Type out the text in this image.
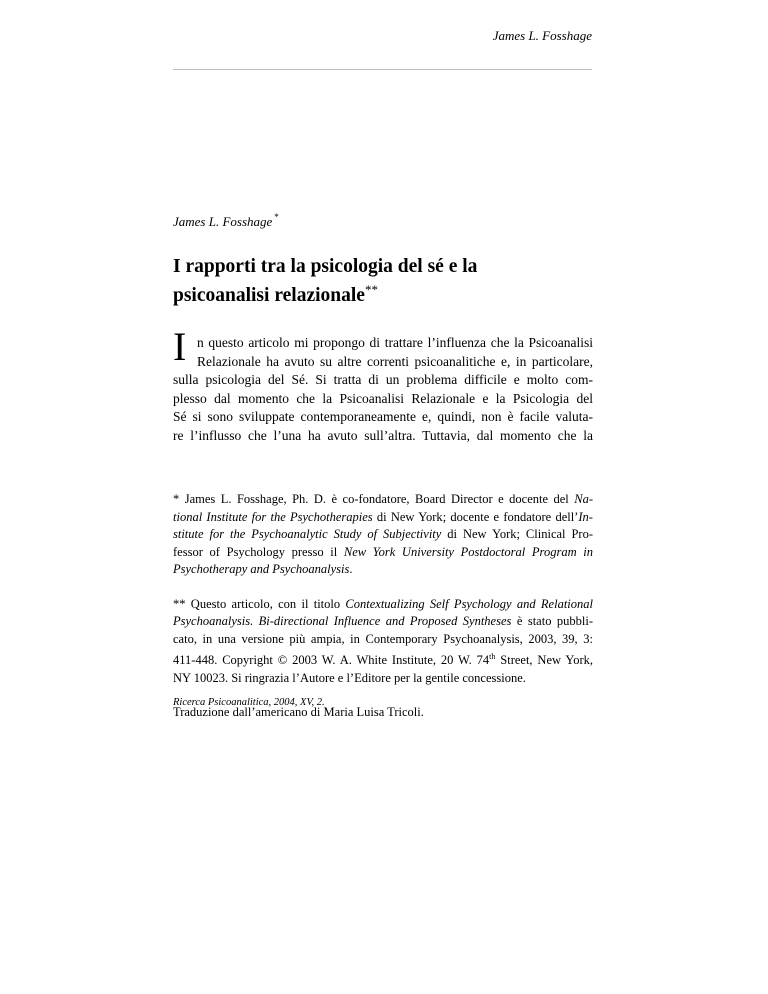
James L. Fosshage
James L. Fosshage *
I rapporti tra la psicologia del sé e la
psicoanalisi relazionale**
I n questo articolo mi propongo di trattare l’influenza che la Psicoanalisi
Relazionale ha avuto su altre correnti psicoanalitiche e, in particolare,
sulla psicologia del Sé. Si tratta di un problema difficile e molto com-
plesso dal momento che la Psicoanalisi Relazionale e la Psicologia del
Sé si sono sviluppate contemporaneamente e, quindi, non è facile valuta-
re l’influsso che l’una ha avuto sull’altra. Tuttavia, dal momento che la
* James L. Fosshage, Ph. D. è co-fondatore, Board Director e docente del Na-
tional Institute for the Psychotherapies di New York; docente e fondatore dell’In-
stitute for the Psychoanalytic Study of Subjectivity di New York; Clinical Pro-
fessor of Psychology presso il New York University Postdoctoral Program in
Psychotherapy and Psychoanalysis.
** Questo articolo, con il titolo Contextualizing Self Psychology and Relational
Psychoanalysis. Bi-directional Influence and Proposed Syntheses è stato pubbli-
cato, in una versione più ampia, in Contemporary Psychoanalysis, 2003, 39, 3:
411-448. Copyright © 2003 W. A. White Institute, 20 W. 74th Street, New York,
NY 10023. Si ringrazia l’Autore e l’Editore per la gentile concessione.
Traduzione dall’americano di Maria Luisa Tricoli.
Ricerca Psicoanalitica, 2004, XV, 2.
